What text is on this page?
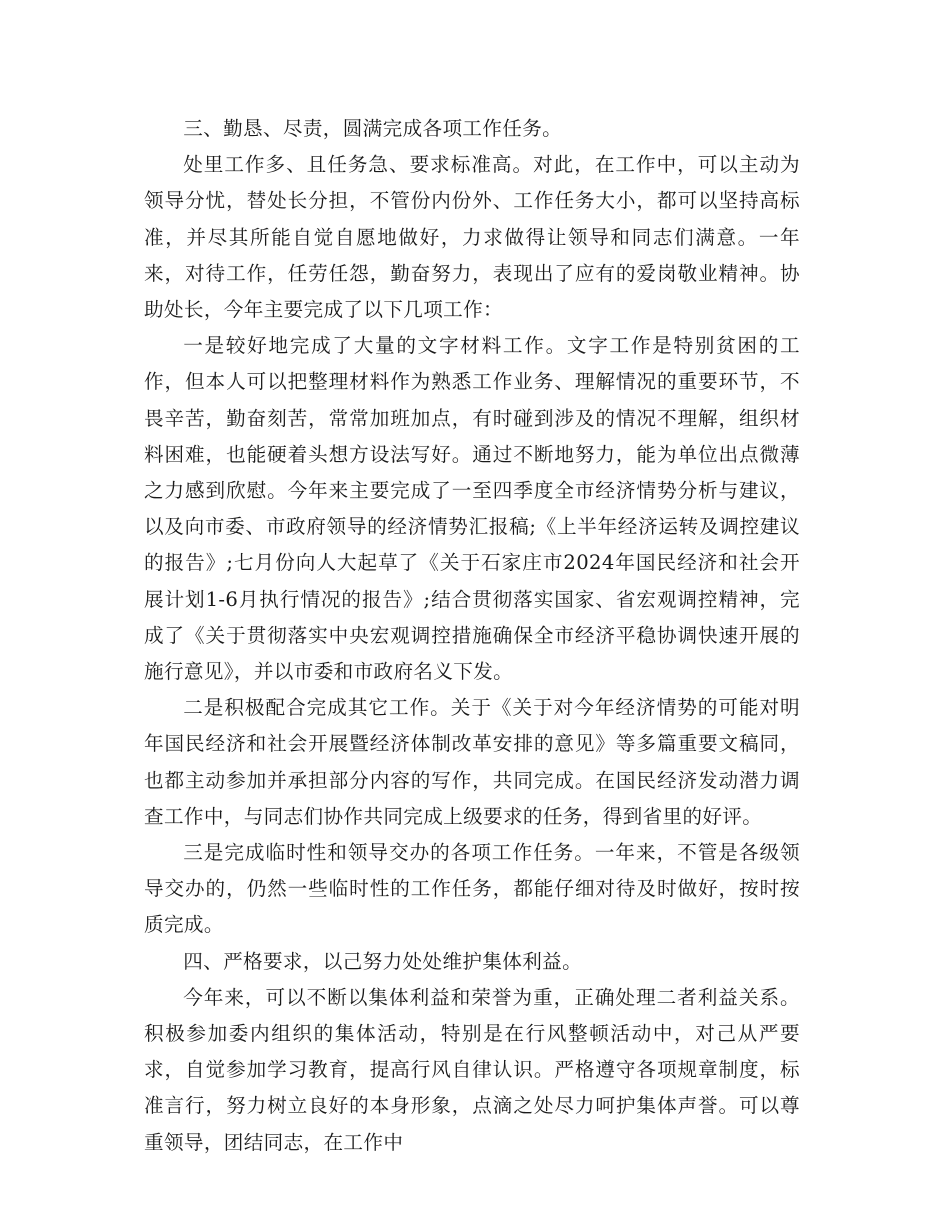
三、勤恳、尽责，圆满完成各项工作任务。

处里工作多、且任务急、要求标准高。对此，在工作中，可以主动为领导分忧，替处长分担，不管份内份外、工作任务大小，都可以坚持高标准，并尽其所能自觉自愿地做好，力求做得让领导和同志们满意。一年来，对待工作，任劳任怨，勤奋努力，表现出了应有的爱岗敬业精神。协助处长，今年主要完成了以下几项工作：

一是较好地完成了大量的文字材料工作。文字工作是特别贫困的工作，但本人可以把整理材料作为熟悉工作业务、理解情况的重要环节，不畏辛苦，勤奋刻苦，常常加班加点，有时碰到涉及的情况不理解，组织材料困难，也能硬着头想方设法写好。通过不断地努力，能为单位出点微薄之力感到欣慰。今年来主要完成了一至四季度全市经济情势分析与建议，以及向市委、市政府领导的经济情势汇报稿;《上半年经济运转及调控建议的报告》;七月份向人大起草了《关于石家庄市2024年国民经济和社会开展计划1-6月执行情况的报告》;结合贯彻落实国家、省宏观调控精神，完成了《关于贯彻落实中央宏观调控措施确保全市经济平稳协调快速开展的施行意见》，并以市委和市政府名义下发。

二是积极配合完成其它工作。关于《关于对今年经济情势的可能对明年国民经济和社会开展暨经济体制改革安排的意见》等多篇重要文稿同，也都主动参加并承担部分内容的写作，共同完成。在国民经济发动潜力调查工作中，与同志们协作共同完成上级要求的任务，得到省里的好评。

三是完成临时性和领导交办的各项工作任务。一年来，不管是各级领导交办的，仍然一些临时性的工作任务，都能仔细对待及时做好，按时按质完成。

四、严格要求，以己努力处处维护集体利益。

今年来，可以不断以集体利益和荣誉为重，正确处理二者利益关系。积极参加委内组织的集体活动，特别是在行风整顿活动中，对己从严要求，自觉参加学习教育，提高行风自律认识。严格遵守各项规章制度，标准言行，努力树立良好的本身形象，点滴之处尽力呵护集体声誉。可以尊重领导，团结同志，在工作中
